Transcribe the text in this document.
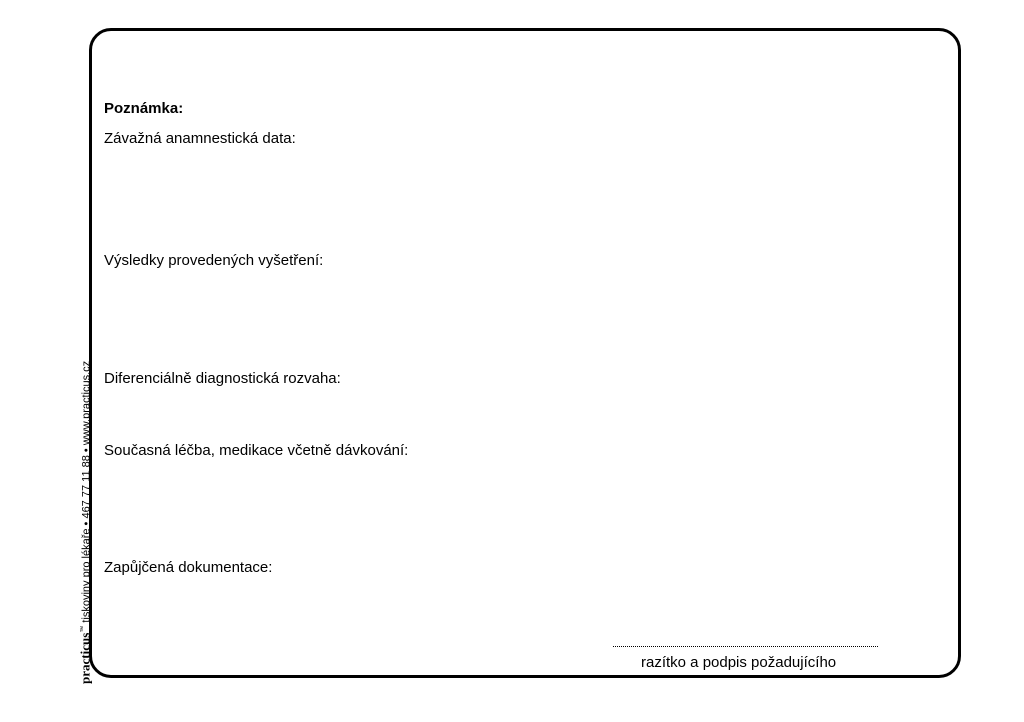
Poznámka:
Závažná anamnestická data:
Výsledky provedených vyšetření:
Diferenciálně diagnostická rozvaha:
Současná léčba, medikace včetně dávkování:
Zapůjčená dokumentace:
razítko a podpis požadujícího
practicus™ tiskoviny pro lékaře • 467 77 11 88 • www.practicus.cz
